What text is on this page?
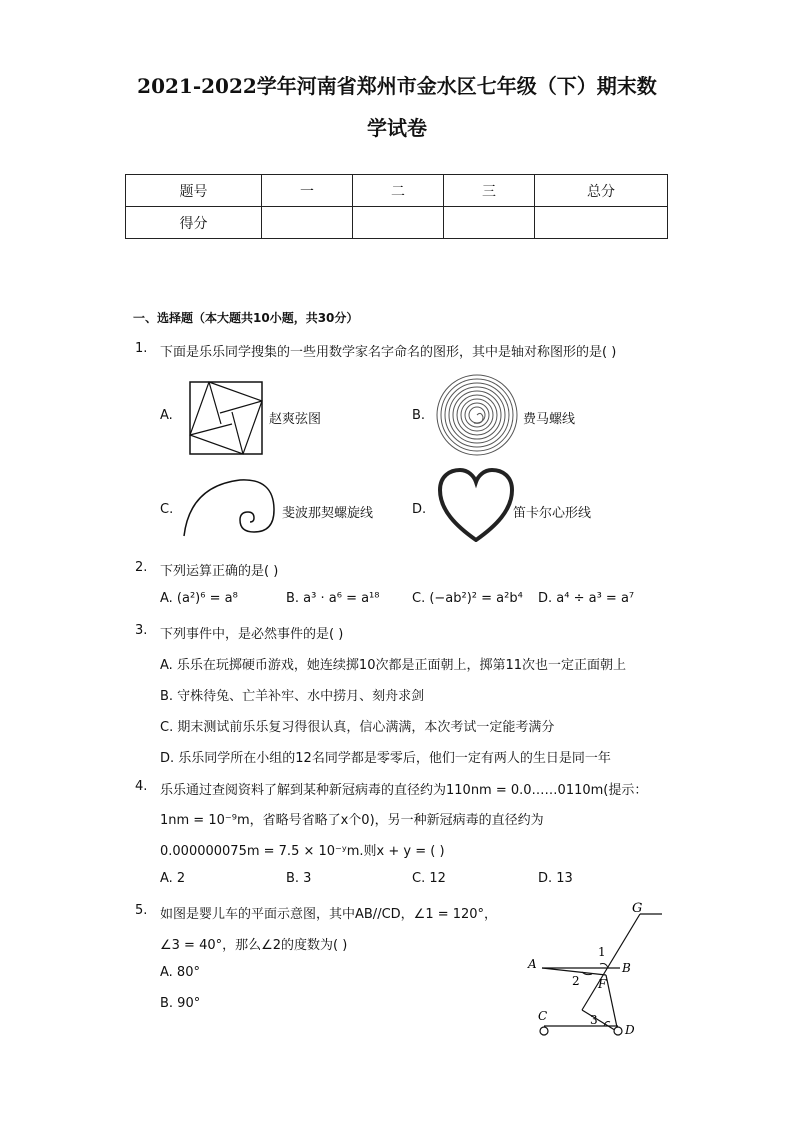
2021-2022学年河南省郑州市金水区七年级（下）期末数
学试卷
题号	一	二	三	总分
得分				
一、选择题（本大题共10小题，共30分）
1. 下面是乐乐同学搜集的一些用数学家名字命名的图形，其中是轴对称图形的是( )
A.	赵爽弦图	B.	费马螺线
C.	斐波那契螺旋线	D.	笛卡尔心形线
2. 下列运算正确的是( )
A. (a²)⁶ = a⁸	B. a³ · a⁶ = a¹⁸	C. (−ab²)² = a²b⁴ D. a⁴ ÷ a³ = a⁷
3. 下列事件中，是必然事件的是( )
A. 乐乐在玩掷硬币游戏，她连续掷10次都是正面朝上，掷第11次也一定正面朝上
B. 守株待兔、亡羊补牢、水中捞月、刻舟求剑
C. 期末测试前乐乐复习得很认真，信心满满，本次考试一定能考满分
D. 乐乐同学所在小组的12名同学都是零零后，他们一定有两人的生日是同一年
4. 乐乐通过查阅资料了解到某种新冠病毒的直径约为110nm = 0.0……0110m(提示：
1nm = 10⁻⁹m，省略号省略了x个0)，另一种新冠病毒的直径约为
0.000000075m = 7.5 × 10⁻ʸm.则x + y = ( )
A. 2	B. 3	C. 12	D. 13
5. 如图是婴儿车的平面示意图，其中AB//CD，∠1 = 120°，
∠3 = 40°，那么∠2的度数为( )
A. 80°
B. 90°
G
A	B
C
D
F
1
2
3
